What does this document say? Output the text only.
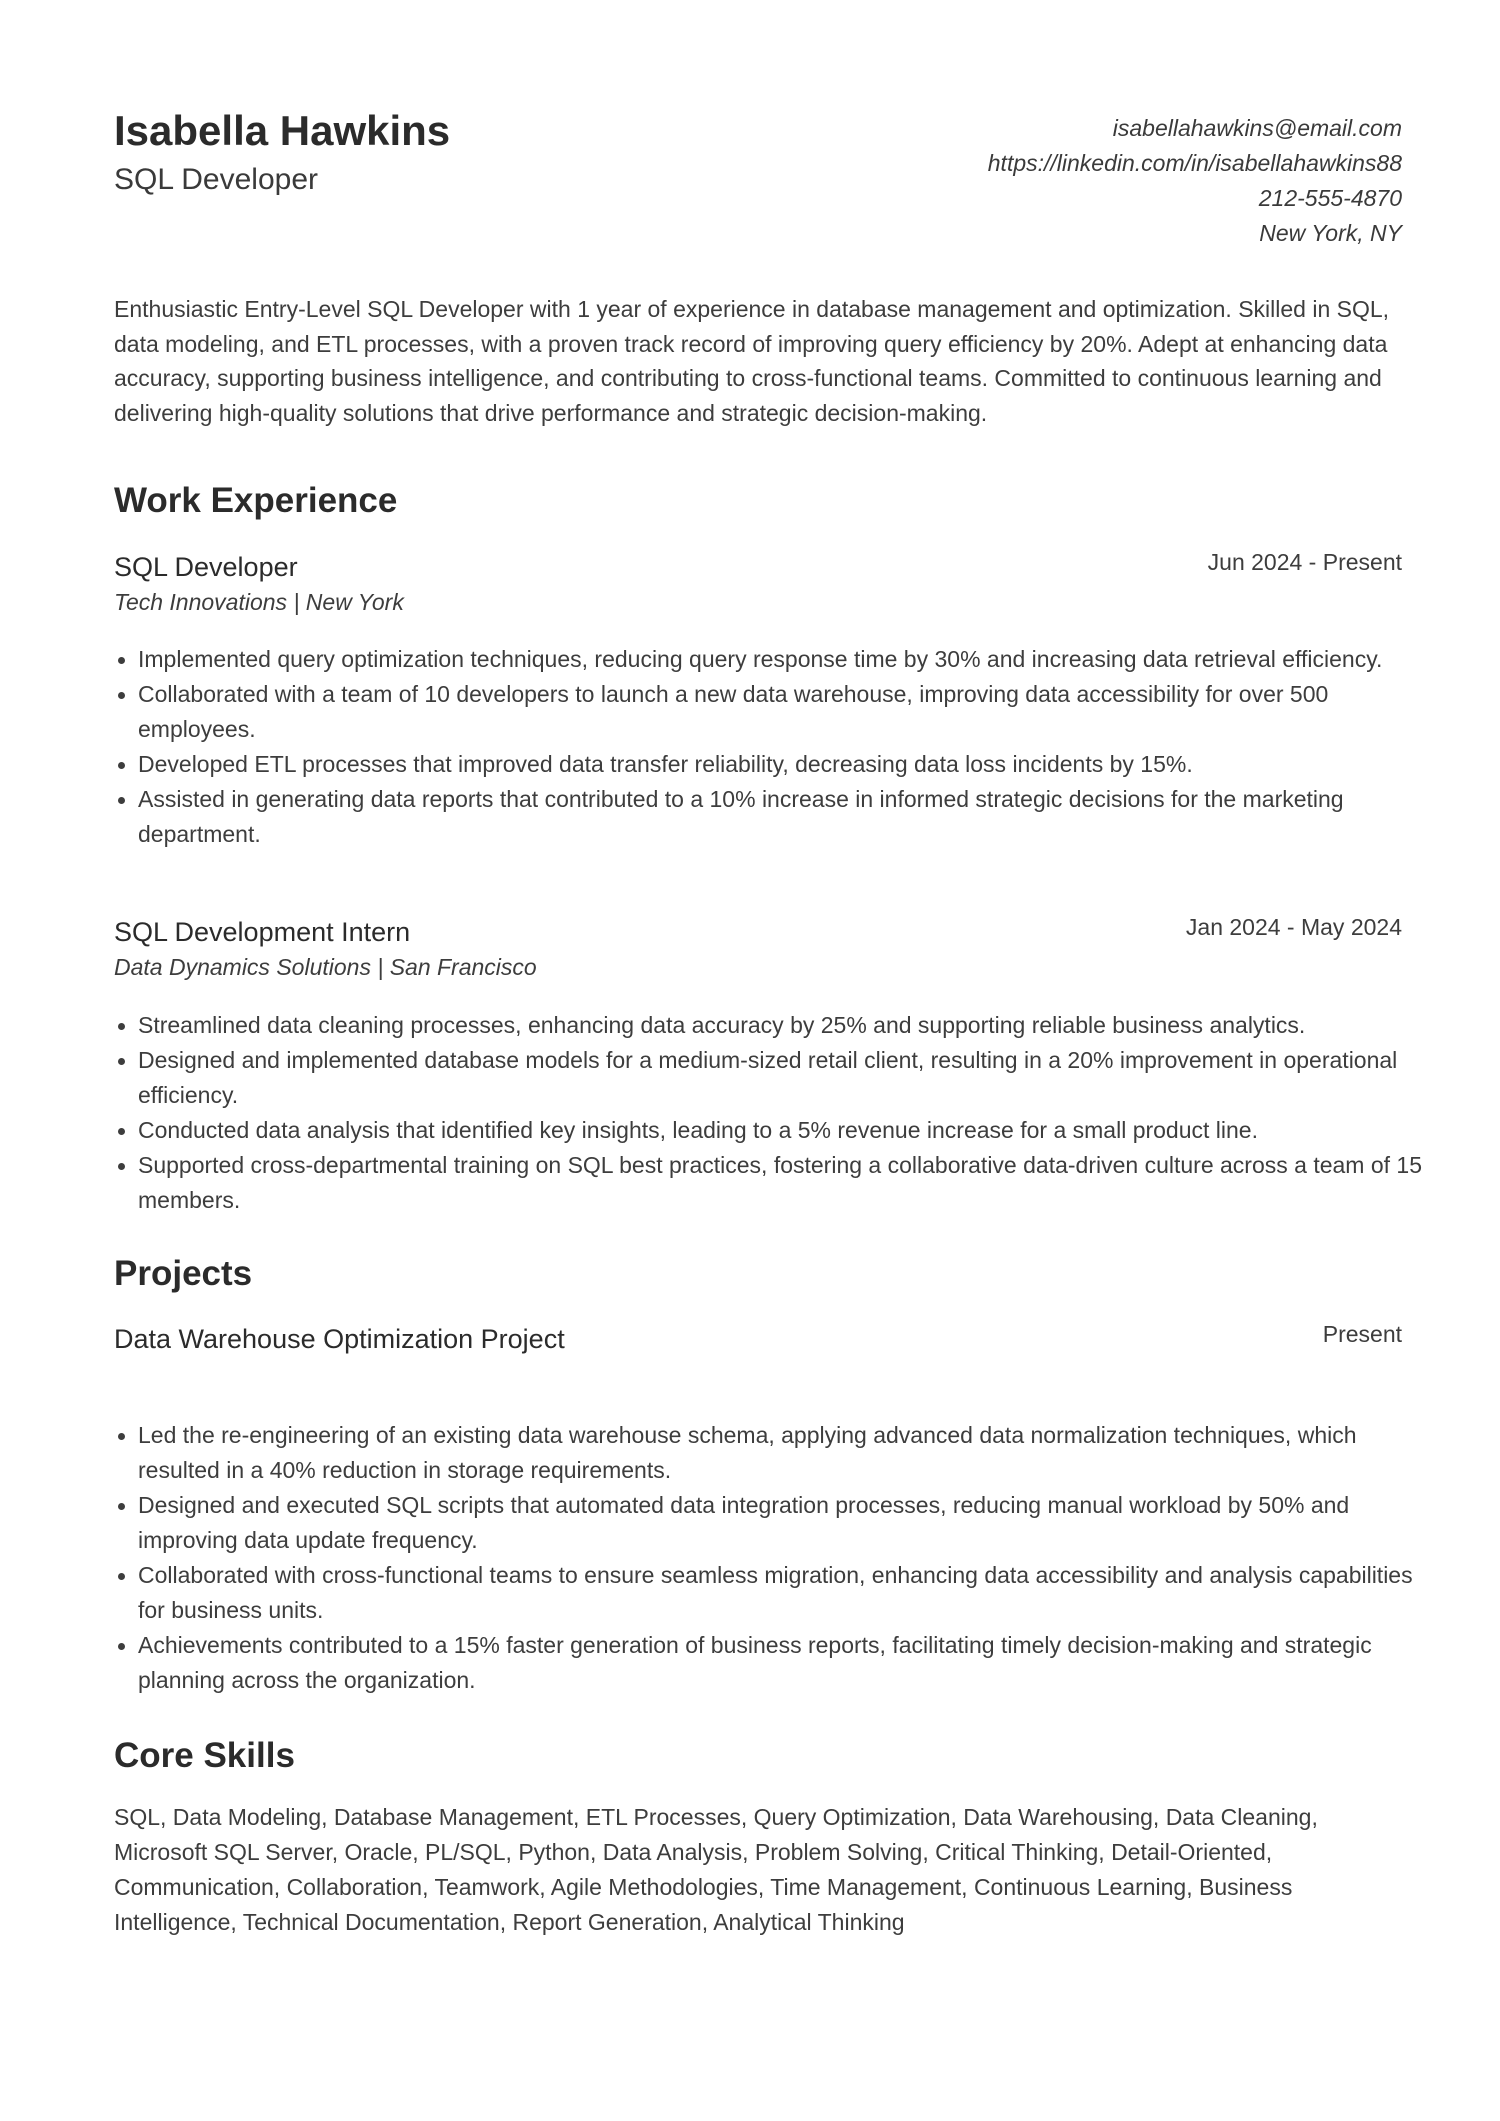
Isabella Hawkins
SQL Developer
isabellahawkins@email.com
https://linkedin.com/in/isabellahawkins88
212-555-4870
New York, NY

Enthusiastic Entry-Level SQL Developer with 1 year of experience in database management and optimization. Skilled in SQL, data modeling, and ETL processes, with a proven track record of improving query efficiency by 20%. Adept at enhancing data accuracy, supporting business intelligence, and contributing to cross-functional teams. Committed to continuous learning and delivering high-quality solutions that drive performance and strategic decision-making.

Work Experience
SQL Developer	Jun 2024 - Present
Tech Innovations | New York
Implemented query optimization techniques, reducing query response time by 30% and increasing data retrieval efficiency.
Collaborated with a team of 10 developers to launch a new data warehouse, improving data accessibility for over 500 employees.
Developed ETL processes that improved data transfer reliability, decreasing data loss incidents by 15%.
Assisted in generating data reports that contributed to a 10% increase in informed strategic decisions for the marketing department.
SQL Development Intern	Jan 2024 - May 2024
Data Dynamics Solutions | San Francisco
Streamlined data cleaning processes, enhancing data accuracy by 25% and supporting reliable business analytics.
Designed and implemented database models for a medium-sized retail client, resulting in a 20% improvement in operational efficiency.
Conducted data analysis that identified key insights, leading to a 5% revenue increase for a small product line.
Supported cross-departmental training on SQL best practices, fostering a collaborative data-driven culture across a team of 15 members.
Projects
Data Warehouse Optimization Project	Present
Led the re-engineering of an existing data warehouse schema, applying advanced data normalization techniques, which resulted in a 40% reduction in storage requirements.
Designed and executed SQL scripts that automated data integration processes, reducing manual workload by 50% and improving data update frequency.
Collaborated with cross-functional teams to ensure seamless migration, enhancing data accessibility and analysis capabilities for business units.
Achievements contributed to a 15% faster generation of business reports, facilitating timely decision-making and strategic planning across the organization.
Core Skills

SQL, Data Modeling, Database Management, ETL Processes, Query Optimization, Data Warehousing, Data Cleaning, Microsoft SQL Server, Oracle, PL/SQL, Python, Data Analysis, Problem Solving, Critical Thinking, Detail-Oriented, Communication, Collaboration, Teamwork, Agile Methodologies, Time Management, Continuous Learning, Business Intelligence, Technical Documentation, Report Generation, Analytical Thinking
